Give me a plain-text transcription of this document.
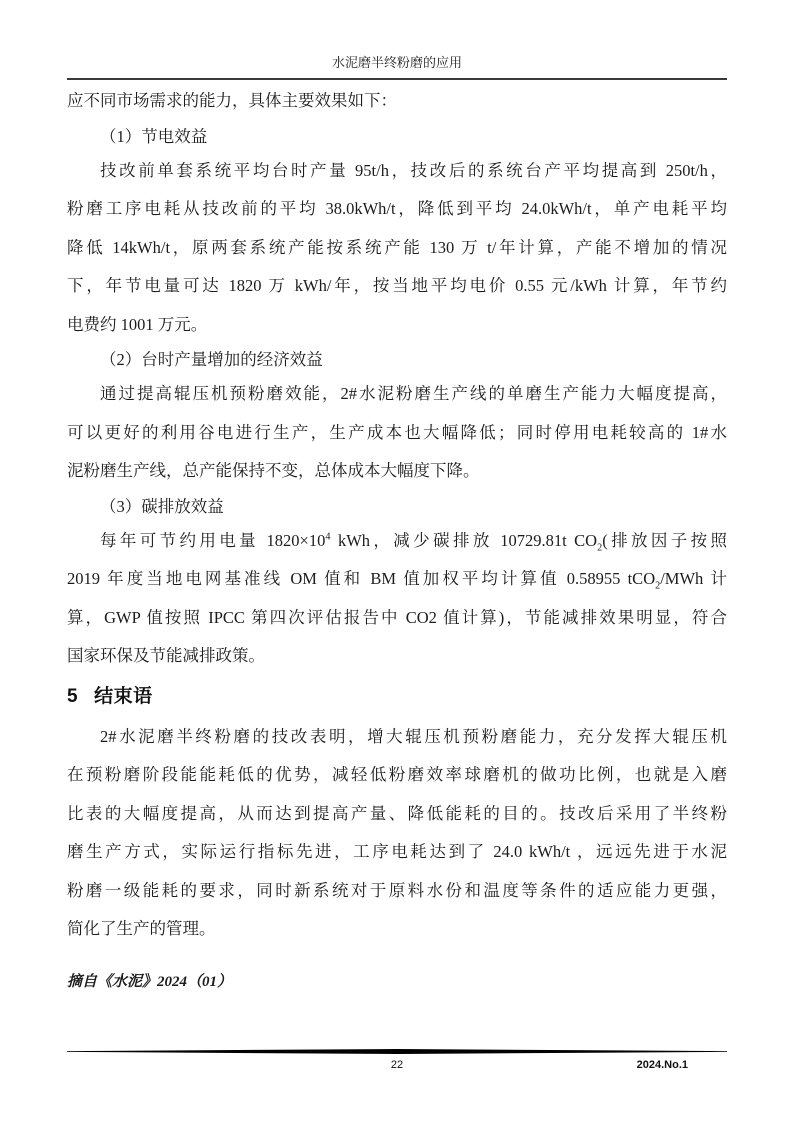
水泥磨半终粉磨的应用

应不同市场需求的能力，具体主要效果如下：

（1）节电效益

技改前单套系统平均台时产量 95t/h，技改后的系统台产平均提高到 250t/h，

粉磨工序电耗从技改前的平均 38.0kWh/t，降低到平均 24.0kWh/t，单产电耗平均

降低 14kWh/t，原两套系统产能按系统产能 130 万 t/年计算，产能不增加的情况

下，年节电量可达 1820 万 kWh/年，按当地平均电价 0.55 元/kWh 计算，年节约

电费约 1001 万元。

（2）台时产量增加的经济效益

通过提高辊压机预粉磨效能，2#水泥粉磨生产线的单磨生产能力大幅度提高，

可以更好的利用谷电进行生产，生产成本也大幅降低；同时停用电耗较高的 1#水

泥粉磨生产线，总产能保持不变，总体成本大幅度下降。

（3）碳排放效益

每年可节约用电量 $1820\times 10^4$ kWh，减少碳排放 10729.81t $CO_2$(排放因子按照

2019 年度当地电网基准线 OM 值和 BM 值加权平均计算值 0.58955 tCO$_2$/MWh 计

算，GWP 值按照 IPCC 第四次评估报告中 CO2 值计算)，节能减排效果明显，符合

国家环保及节能减排政策。

5 结束语

2#水泥磨半终粉磨的技改表明，增大辊压机预粉磨能力，充分发挥大辊压机

在预粉磨阶段能能耗低的优势，减轻低粉磨效率球磨机的做功比例，也就是入磨

比表的大幅度提高，从而达到提高产量、降低能耗的目的。技改后采用了半终粉

磨生产方式，实际运行指标先进，工序电耗达到了 24.0 kWh/t ，远远先进于水泥

粉磨一级能耗的要求，同时新系统对于原料水份和温度等条件的适应能力更强，

简化了生产的管理。

摘自《水泥》2024（01）

22	2024.No.1
